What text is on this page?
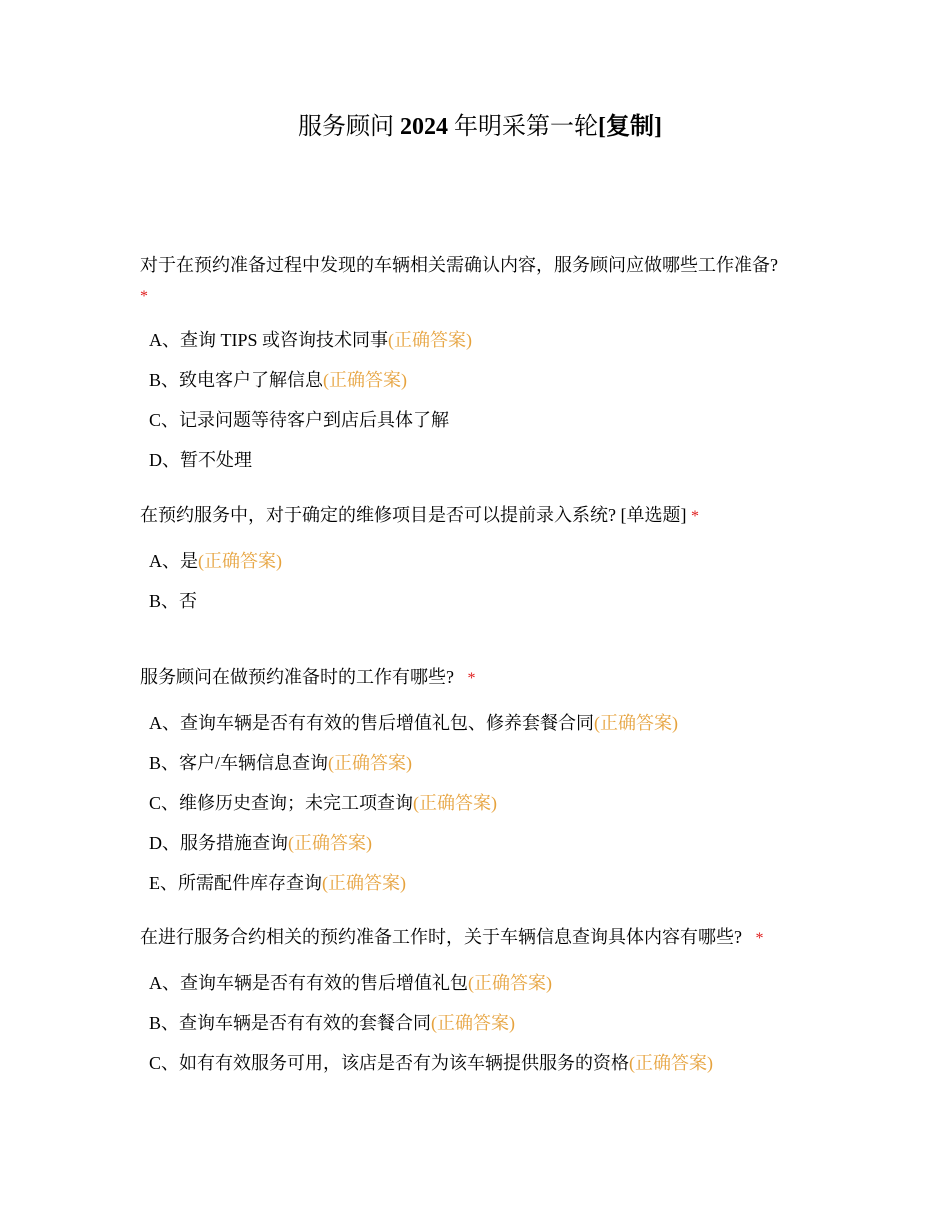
服务顾问 2024 年明采第一轮[复制]
对于在预约准备过程中发现的车辆相关需确认内容，服务顾问应做哪些工作准备?
*
A、查询 TIPS 或咨询技术同事(正确答案)
B、致电客户了解信息(正确答案)
C、记录问题等待客户到店后具体了解
D、暂不处理
在预约服务中，对于确定的维修项目是否可以提前录入系统? [单选题] *
A、是(正确答案)
B、否
服务顾问在做预约准备时的工作有哪些? *
A、查询车辆是否有有效的售后增值礼包、修养套餐合同(正确答案)
B、客户/车辆信息查询(正确答案)
C、维修历史查询；未完工项查询(正确答案)
D、服务措施查询(正确答案)
E、所需配件库存查询(正确答案)
在进行服务合约相关的预约准备工作时，关于车辆信息查询具体内容有哪些? *
A、查询车辆是否有有效的售后增值礼包(正确答案)
B、查询车辆是否有有效的套餐合同(正确答案)
C、如有有效服务可用，该店是否有为该车辆提供服务的资格(正确答案)
